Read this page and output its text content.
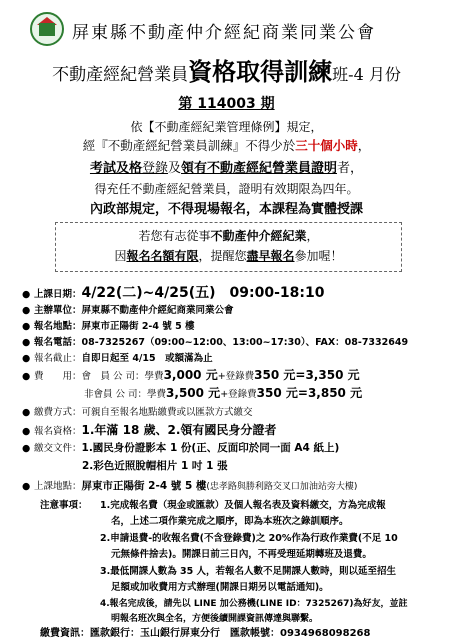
屏東縣不動產仲介經紀商業同業公會
不動產經紀營業員資格取得訓練班-4 月份
第 114003 期
依【不動產經紀業管理條例】規定，
經『不動產經紀營業員訓練』不得少於三十個小時，
考試及格登錄及領有不動產經紀營業員證明者，
得充任不動產經紀營業員，證明有效期限為四年。
內政部規定，不得現場報名，本課程為實體授課
若您有志從事不動產仲介經紀業，
因報名名額有限，提醒您盡早報名參加喔！
● 上課日期：4/22(二)~4/25(五)　09:00-18:10
● 主辦單位：屏東縣不動產仲介經紀商業同業公會
● 報名地點：屏東市正陽街 2-4 號 5 樓
● 報名電話：08-7325267（09:00~12:00、13:00~17:30）、FAX：08-7332649
● 報名截止：自即日起至 4/15　或額滿為止
● 費　　用：會　員 公 司：學費3,000 元+登錄費350 元=3,350 元
非會員 公 司：學費3,500 元+登錄費350 元=3,850 元
● 繳費方式：可親自至報名地點繳費或以匯款方式繳交
● 報名資格：1.年滿 18 歲、2.領有國民身分證者
● 繳交文件：1.國民身份證影本 1 份(正、反面印於同一面 A4 紙上)
2.彩色近照脫帽相片 1 吋 1 張
● 上課地點：屏東市正陽街 2-4 號 5 樓(忠孝路與勝利路交叉口加油站旁大樓)
注意事項： 1.完成報名費（現金或匯款）及個人報名表及資料繳交，方為完成報
名，上述二項作業完成之順序，即為本班次之錄訓順序。
2.申請退費-的收報名費(不含登錄費)之 20%作為行政作業費(不足 10
元無條件捨去)。開課日前三日內，不再受理延期轉班及退費。
3.最低開課人數為 35 人，若報名人數不足開課人數時，則以延至招生
足額或加收費用方式辦理(開課日期另以電話通知)。
4.報名完成後，請先以 LINE 加公務機(LINE ID：7325267)為好友，並註
明報名班次與全名，方便後續開課資訊傳達與聯繫。
繳費資訊：匯款銀行：玉山銀行屏東分行　 匯款帳號：0934968098268
